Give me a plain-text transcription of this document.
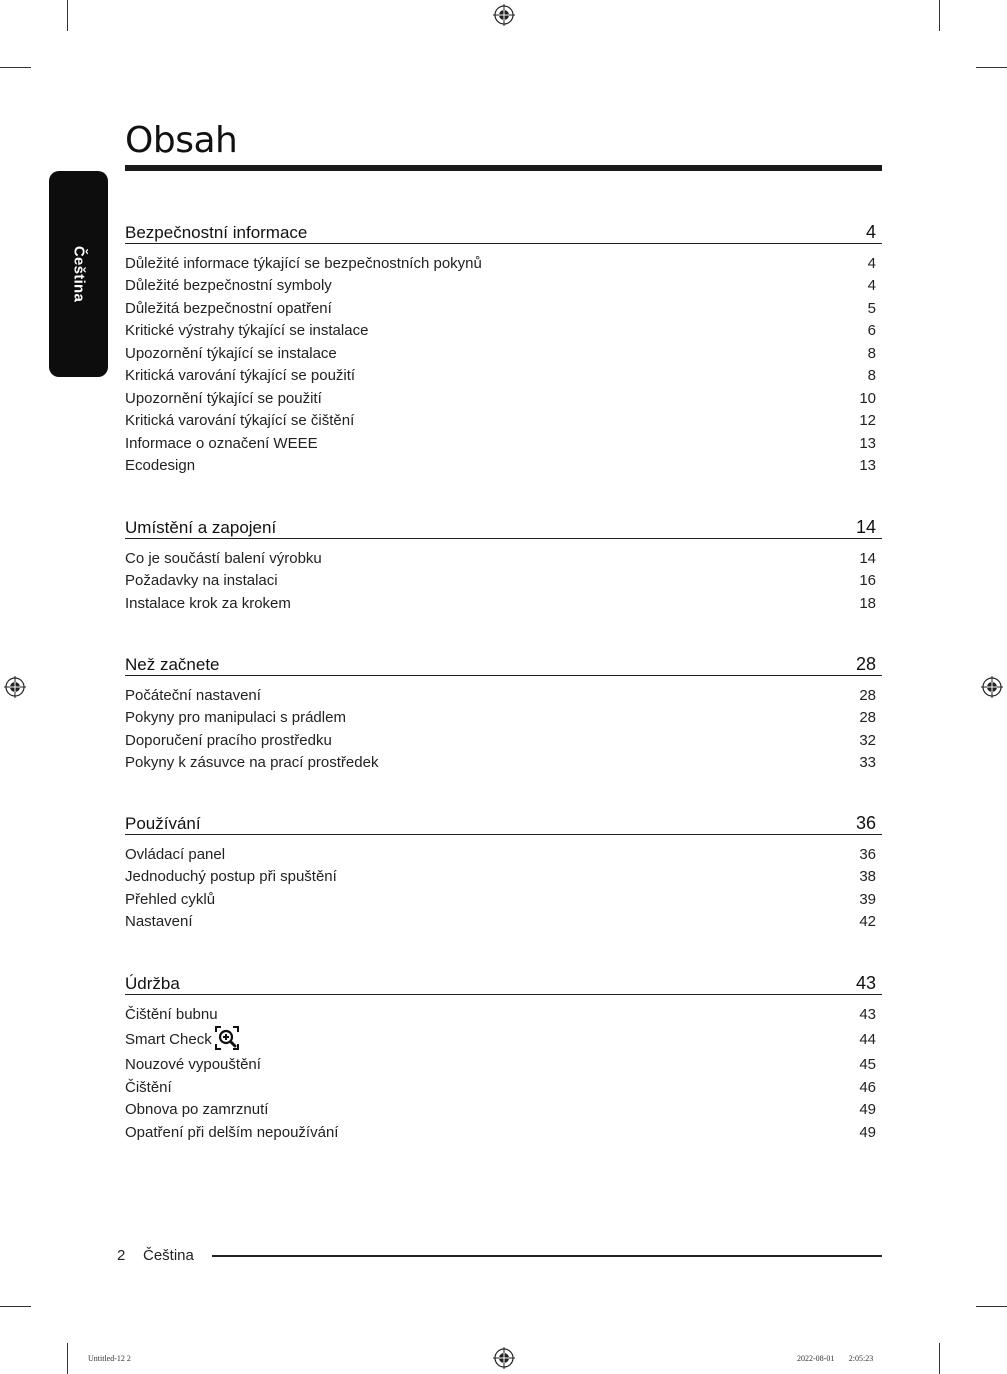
Čeština
Obsah
Bezpečnostní informace	4
Důležité informace týkající se bezpečnostních pokynů	4
Důležité bezpečnostní symboly	4
Důležitá bezpečnostní opatření	5
Kritické výstrahy týkající se instalace	6
Upozornění týkající se instalace	8
Kritická varování týkající se použití	8
Upozornění týkající se použití	10
Kritická varování týkající se čištění	12
Informace o označení WEEE	13
Ecodesign	13
Umístění a zapojení	14
Co je součástí balení výrobku	14
Požadavky na instalaci	16
Instalace krok za krokem	18
Než začnete	28
Počáteční nastavení	28
Pokyny pro manipulaci s prádlem	28
Doporučení pracího prostředku	32
Pokyny k zásuvce na prací prostředek	33
Používání	36
Ovládací panel	36
Jednoduchý postup při spuštění	38
Přehled cyklů	39
Nastavení	42
Údržba	43
Čištění bubnu	43
Smart Check	44
Nouzové vypouštění	45
Čištění	46
Obnova po zamrznutí	49
Opatření při delším nepoužívání	49
2 Čeština
Untitled-12 2	2022-08-01   2:05:23
